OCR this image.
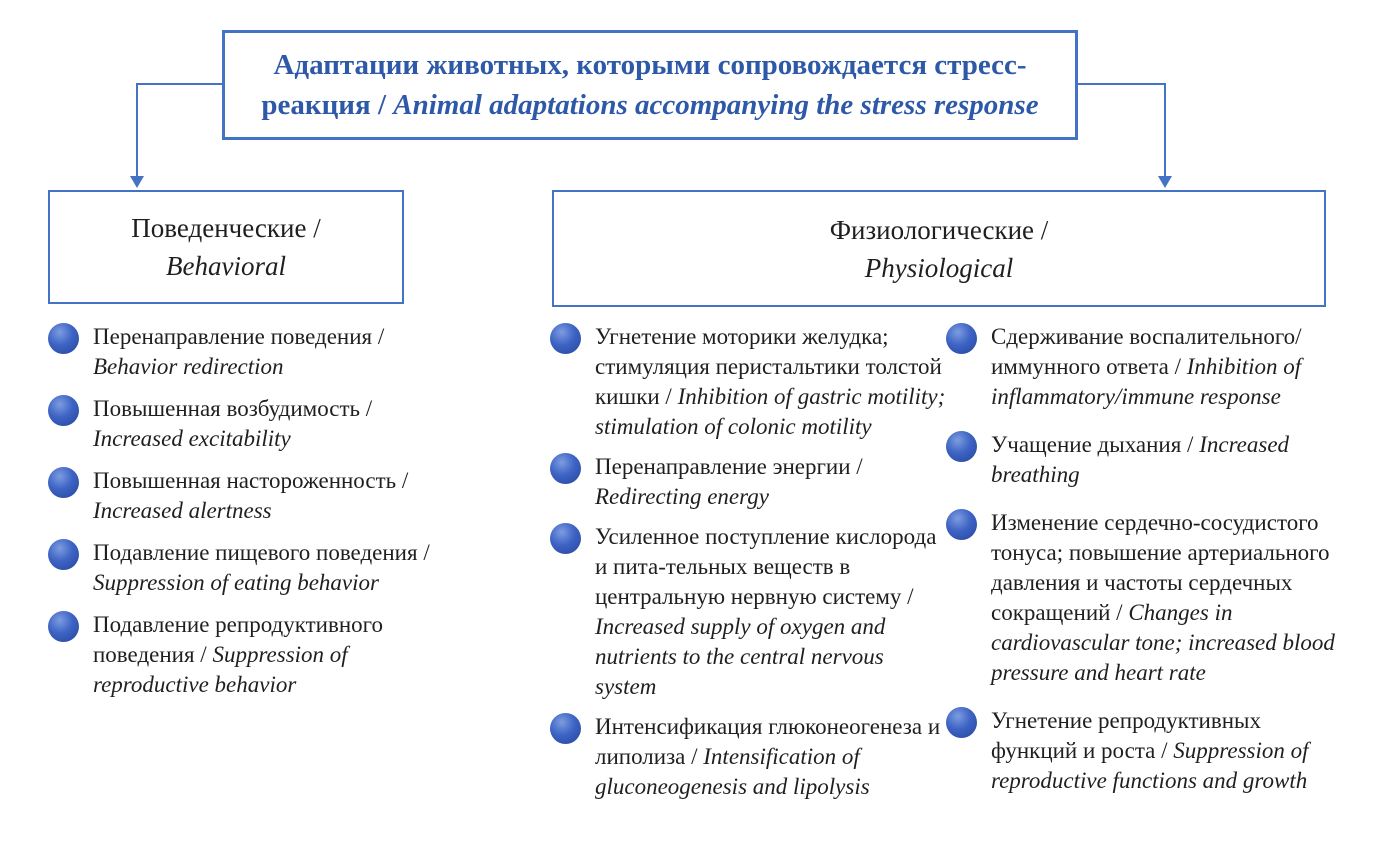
Адаптации животных, которыми сопровождается стресс-реакция / Animal adaptations accompanying the stress response
Поведенческие /
Behavioral
Физиологические /
Physiological
Перенаправление поведения / Behavior redirection
Повышенная возбудимость / Increased excitability
Повышенная настороженность / Increased alertness
Подавление пищевого поведения / Suppression of eating behavior
Подавление репродуктивного поведения / Suppression of reproductive behavior
Угнетение моторики желудка; стимуляция перистальтики толстой кишки / Inhibition of gastric motility; stimulation of colonic motility
Перенаправление энергии / Redirecting energy
Усиленное поступление кислорода и пита-тельных веществ в центральную нервную систему / Increased supply of oxygen and nutrients to the central nervous system
Интенсификация глюконеогенеза и липолиза / Intensification of gluconeogenesis and lipolysis
Сдерживание воспалительного/иммунного ответа / Inhibition of inflammatory/immune response
Учащение дыхания / Increased breathing
Изменение сердечно-сосудистого тонуса; повышение артериального давления и частоты сердечных сокращений / Changes in cardiovascular tone; increased blood pressure and heart rate
Угнетение репродуктивных функций и роста / Suppression of reproductive functions and growth
